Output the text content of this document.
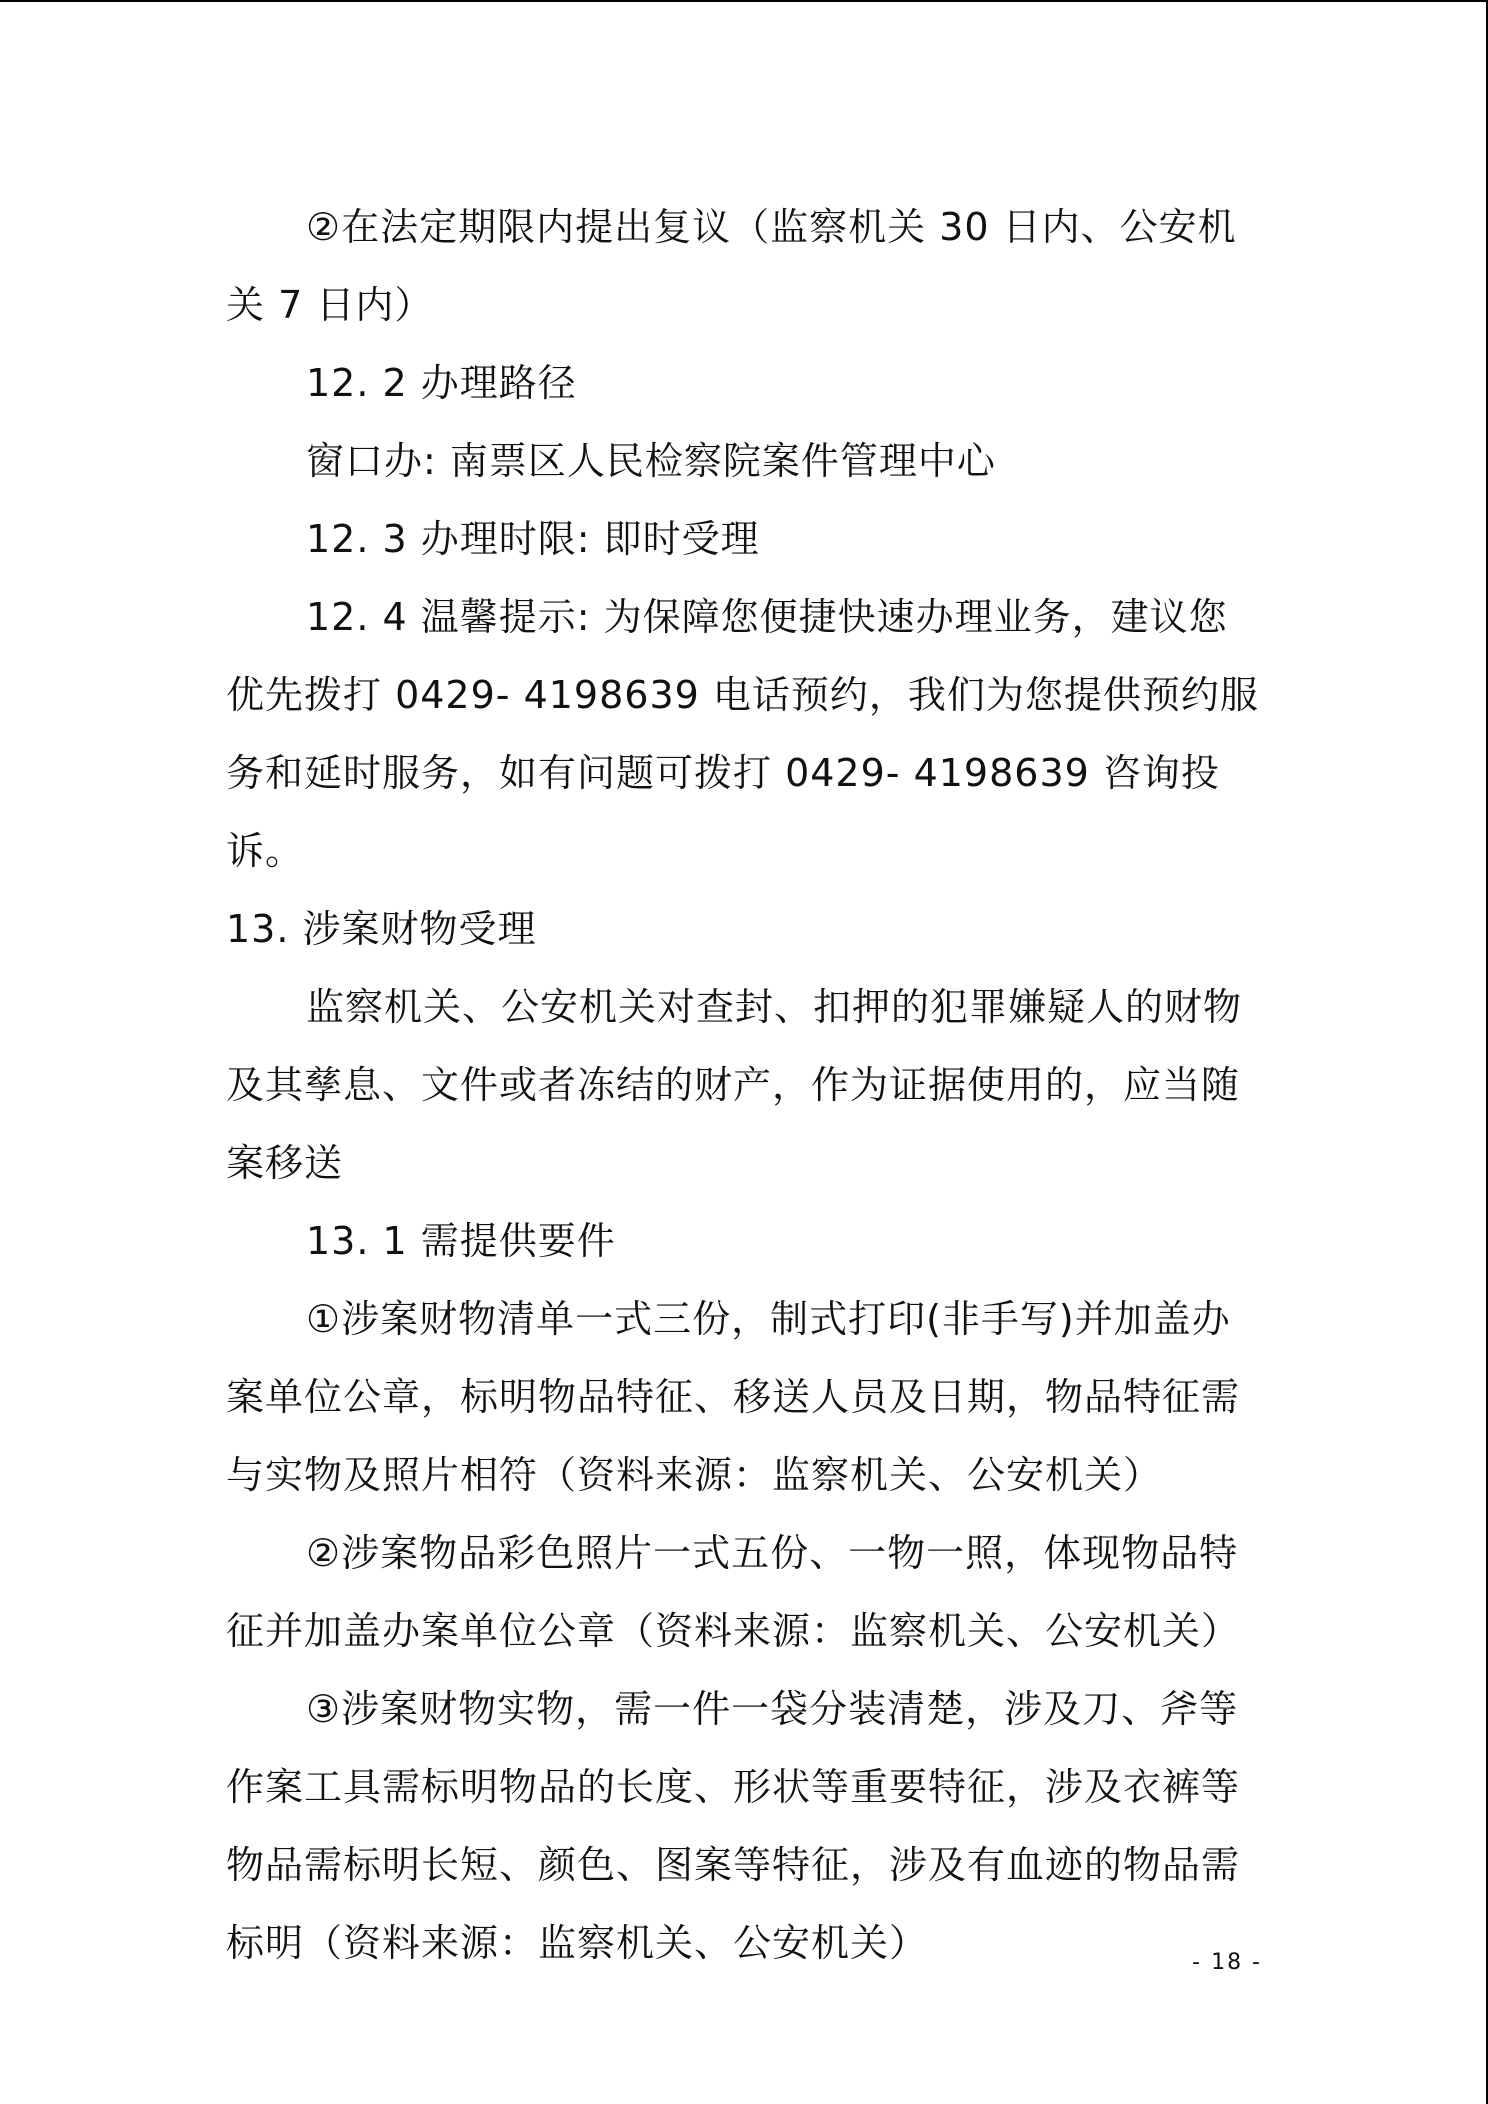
②在法定期限内提出复议（监察机关 30 日内、公安机关 7 日内）

12. 2 办理路径

窗口办: 南票区人民检察院案件管理中心

12. 3 办理时限: 即时受理

12. 4 温馨提示: 为保障您便捷快速办理业务，建议您优先拨打 0429- 4198639 电话预约，我们为您提供预约服务和延时服务，如有问题可拨打 0429- 4198639 咨询投诉。

13. 涉案财物受理

监察机关、公安机关对查封、扣押的犯罪嫌疑人的财物及其孳息、文件或者冻结的财产，作为证据使用的，应当随案移送

13. 1 需提供要件

①涉案财物清单一式三份，制式打印(非手写)并加盖办案单位公章，标明物品特征、移送人员及日期，物品特征需与实物及照片相符（资料来源：监察机关、公安机关）

②涉案物品彩色照片一式五份、一物一照，体现物品特征并加盖办案单位公章（资料来源：监察机关、公安机关）

③涉案财物实物，需一件一袋分装清楚，涉及刀、斧等作案工具需标明物品的长度、形状等重要特征，涉及衣裤等物品需标明长短、颜色、图案等特征，涉及有血迹的物品需标明（资料来源：监察机关、公安机关）	- 18 -
